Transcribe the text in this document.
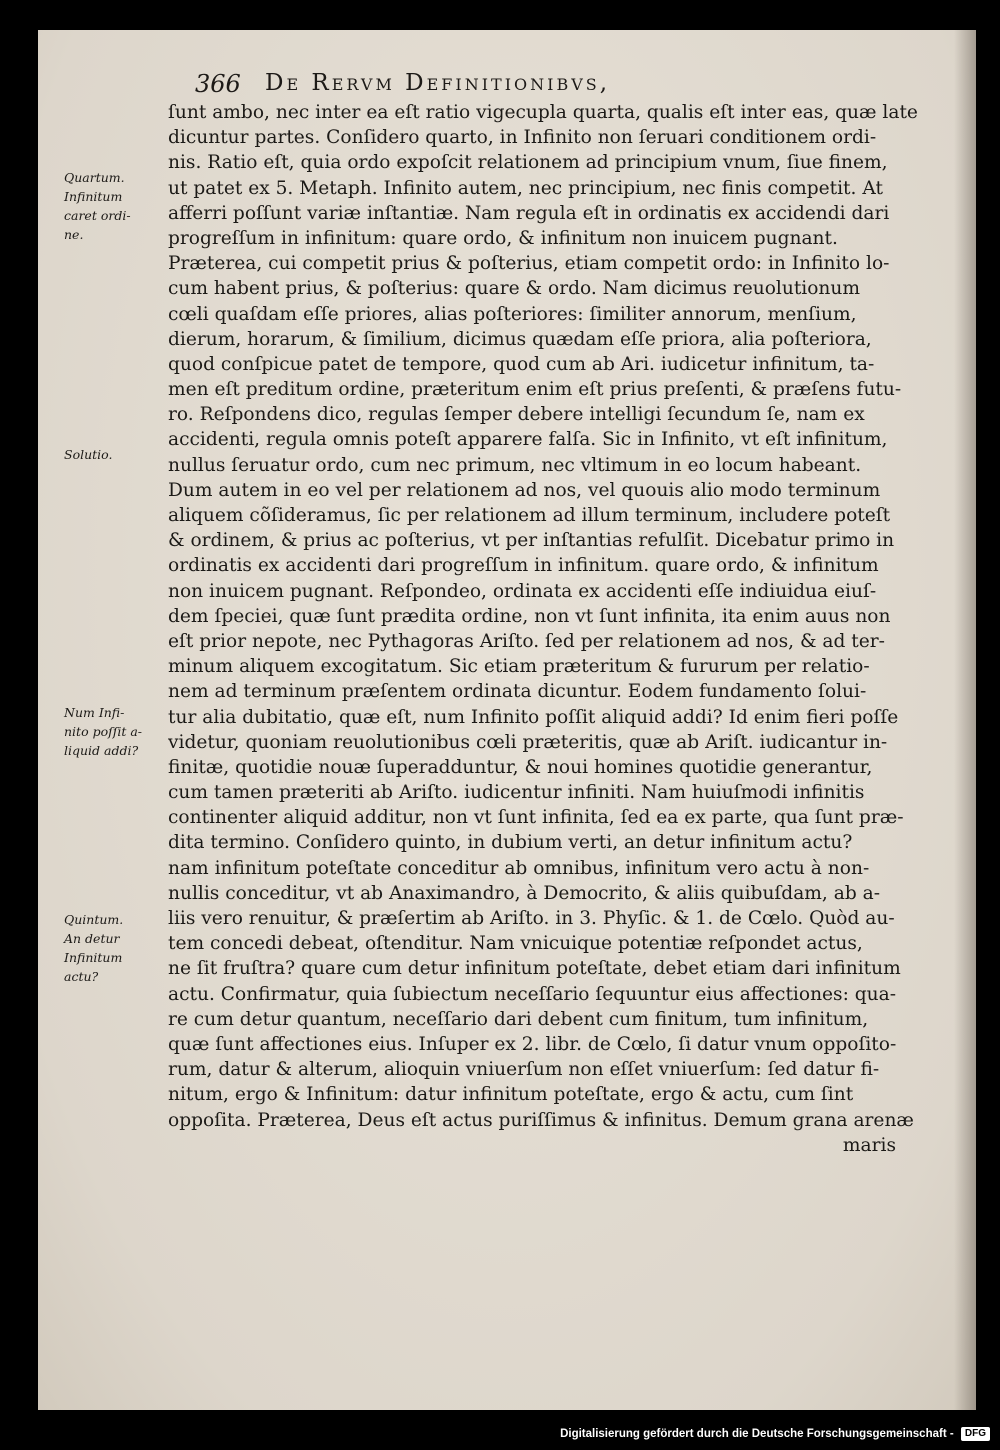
366 De Rervm Definitionibvs,
ſunt ambo, nec inter ea eſt ratio vigecupla quarta, qualis eſt inter eas, quæ late
dicuntur partes. Conſidero quarto, in Infinito non ſeruari conditionem ordi-
nis. Ratio eſt, quia ordo expoſcit relationem ad principium vnum, ſiue finem,
ut patet ex 5. Metaph. Infinito autem, nec principium, nec finis competit. At
afferri poſſunt variæ inſtantiæ. Nam regula eſt in ordinatis ex accidendi dari
progreſſum in infinitum: quare ordo, & infinitum non inuicem pugnant.
Præterea, cui competit prius & poſterius, etiam competit ordo: in Infinito lo-
cum habent prius, & poſterius: quare & ordo. Nam dicimus reuolutionum
cœli quaſdam eſſe priores, alias poſteriores: ſimiliter annorum, menſium,
dierum, horarum, & ſimilium, dicimus quædam eſſe priora, alia poſteriora,
quod conſpicue patet de tempore, quod cum ab Ari. iudicetur infinitum, ta-
men eſt preditum ordine, præteritum enim eſt prius preſenti, & præſens futu-
ro. Reſpondens dico, regulas ſemper debere intelligi ſecundum ſe, nam ex
accidenti, regula omnis poteſt apparere falſa. Sic in Infinito, vt eſt infinitum,
nullus ſeruatur ordo, cum nec primum, nec vltimum in eo locum habeant.
Dum autem in eo vel per relationem ad nos, vel quouis alio modo terminum
aliquem cõſideramus, ſic per relationem ad illum terminum, includere poteſt
& ordinem, & prius ac poſterius, vt per inſtantias refulſit. Dicebatur primo in
ordinatis ex accidenti dari progreſſum in infinitum. quare ordo, & infinitum
non inuicem pugnant. Reſpondeo, ordinata ex accidenti eſſe indiuidua eiuſ-
dem ſpeciei, quæ ſunt prædita ordine, non vt ſunt infinita, ita enim auus non
eſt prior nepote, nec Pythagoras Ariſto. ſed per relationem ad nos, & ad ter-
minum aliquem excogitatum. Sic etiam præteritum & fururum per relatio-
nem ad terminum præſentem ordinata dicuntur. Eodem fundamento ſolui-
tur alia dubitatio, quæ eſt, num Infinito poſſit aliquid addi? Id enim fieri poſſe
videtur, quoniam reuolutionibus cœli præteritis, quæ ab Ariſt. iudicantur in-
finitæ, quotidie nouæ ſuperadduntur, & noui homines quotidie generantur,
cum tamen præteriti ab Ariſto. iudicentur infiniti. Nam huiuſmodi infinitis
continenter aliquid additur, non vt ſunt infinita, ſed ea ex parte, qua ſunt præ-
dita termino. Conſidero quinto, in dubium verti, an detur infinitum actu?
nam infinitum poteſtate conceditur ab omnibus, infinitum vero actu à non-
nullis conceditur, vt ab Anaximandro, à Democrito, & aliis quibuſdam, ab a-
liis vero renuitur, & præſertim ab Ariſto. in 3. Phyſic. & 1. de Cœlo. Quòd au-
tem concedi debeat, oſtenditur. Nam vnicuique potentiæ reſpondet actus,
ne ſit fruſtra? quare cum detur infinitum poteſtate, debet etiam dari infinitum
actu. Confirmatur, quia ſubiectum neceſſario ſequuntur eius affectiones: qua-
re cum detur quantum, neceſſario dari debent cum finitum, tum infinitum,
quæ ſunt affectiones eius. Inſuper ex 2. libr. de Cœlo, ſi datur vnum oppoſito-
rum, datur & alterum, alioquin vniuerſum non eſſet vniuerſum: ſed datur fi-
nitum, ergo & Infinitum: datur infinitum poteſtate, ergo & actu, cum ſint
oppoſita. Præterea, Deus eſt actus puriſſimus & infinitus. Demum grana arenæ
maris
Quartum.
Infinitum
caret ordi-
ne.
Solutio.
Num Infi-
nito poſſit a-
liquid addi?
Quintum.
An detur
Infinitum
actu?
Digitalisierung gefördert durch die Deutsche Forschungsgemeinschaft - DFG
